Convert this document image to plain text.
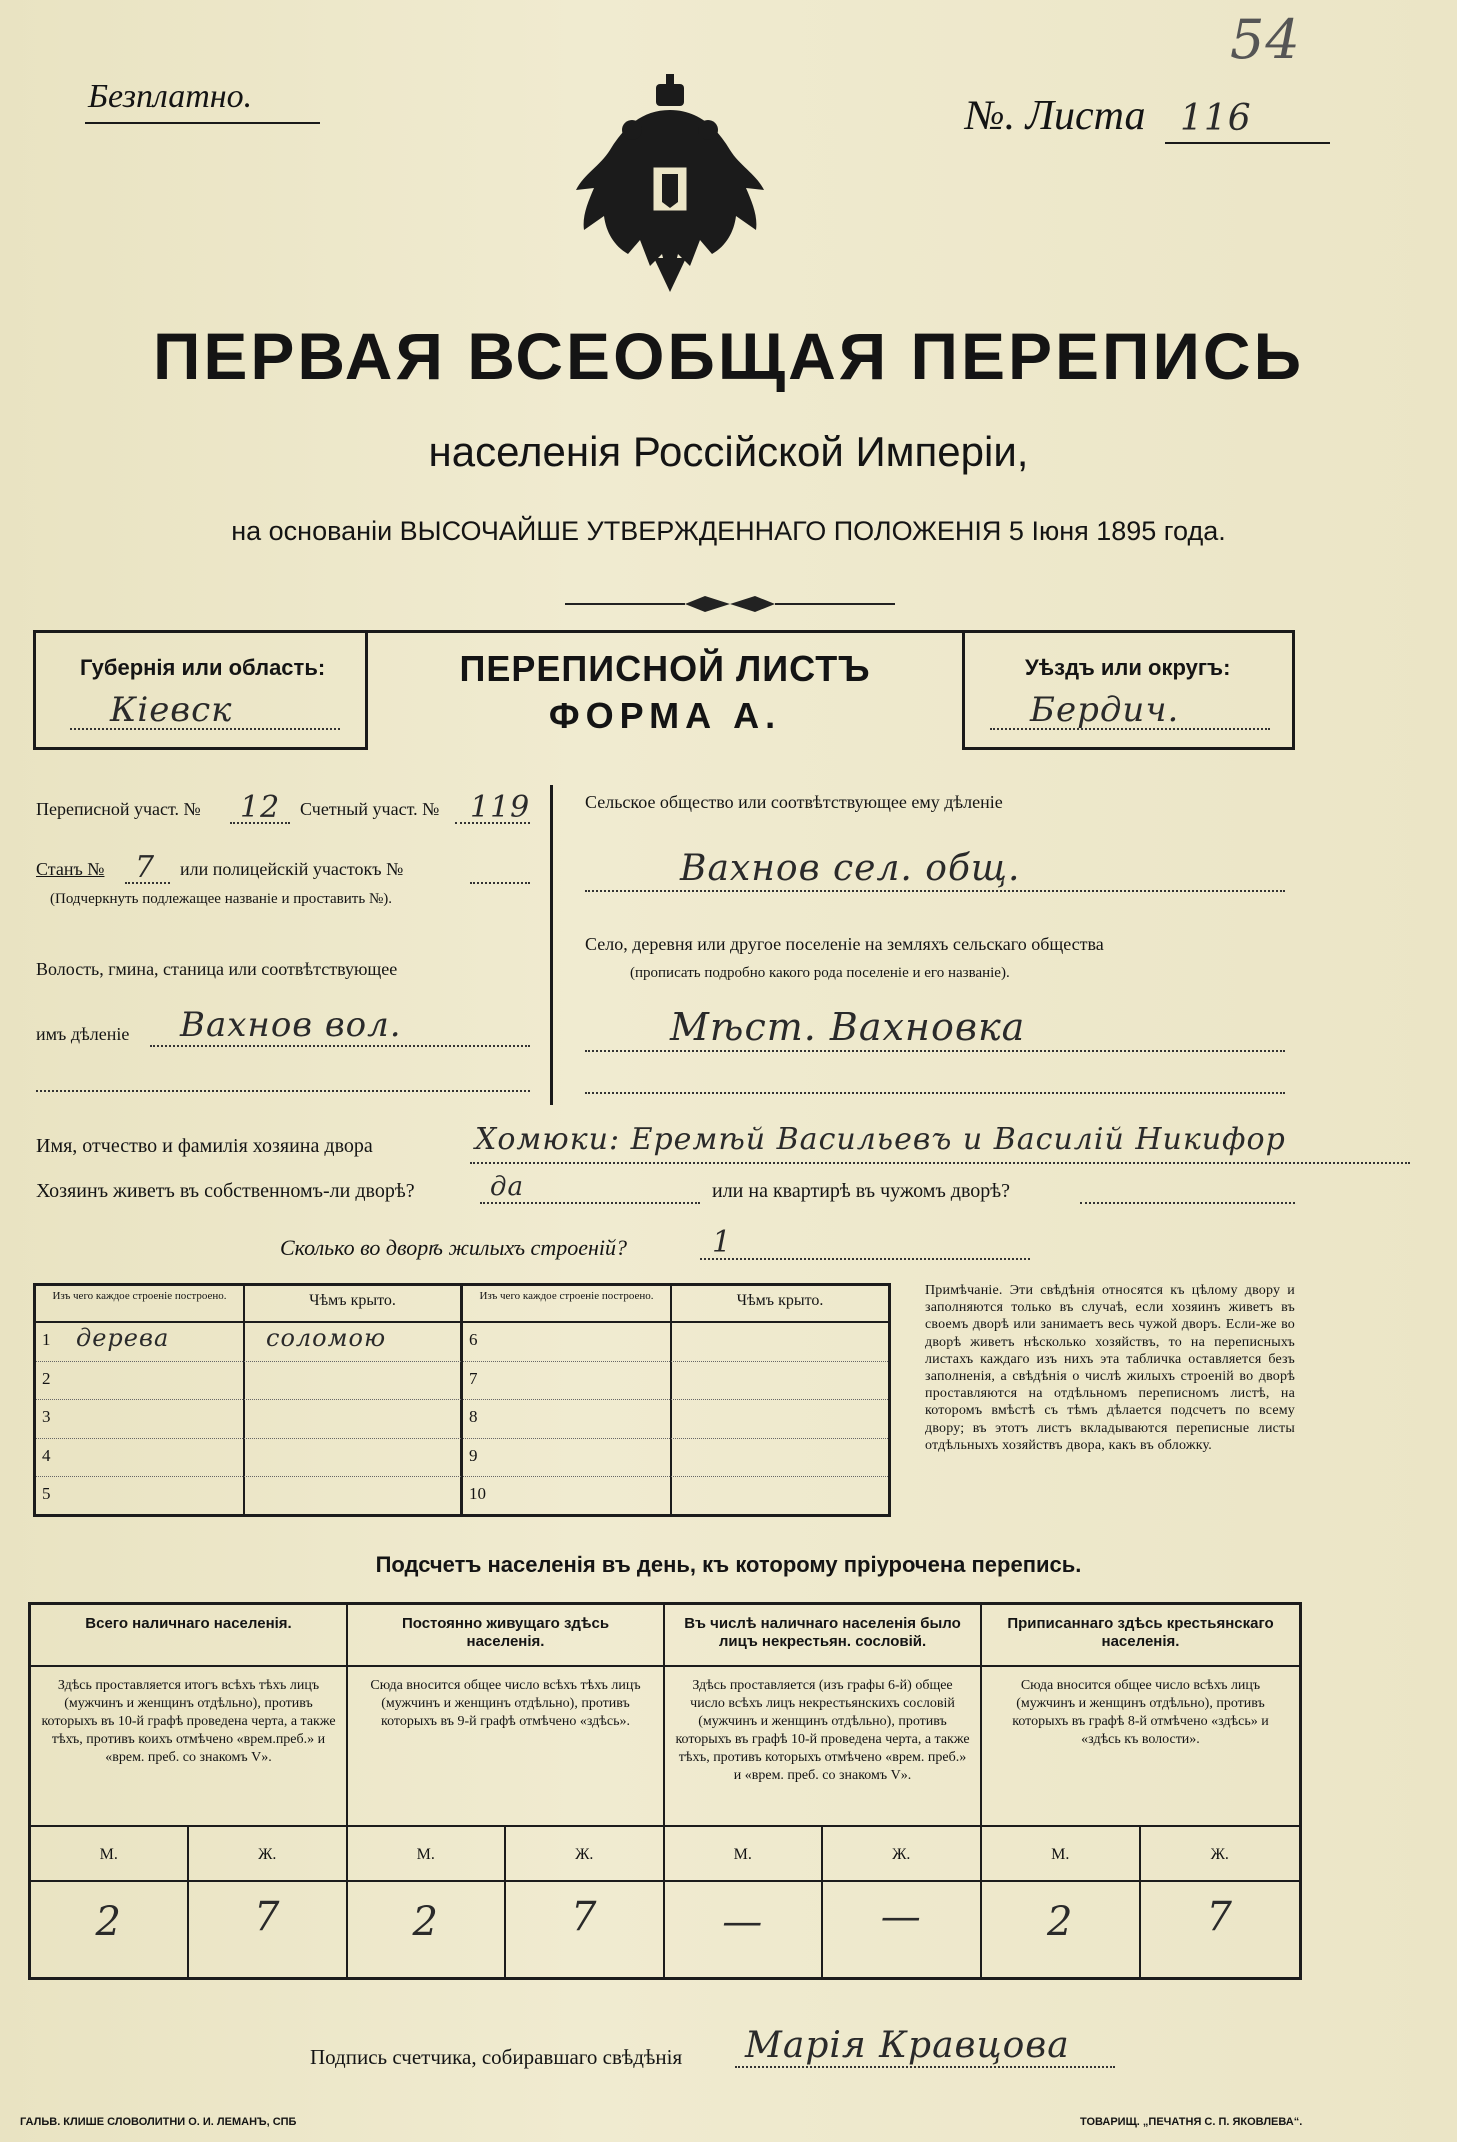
54
Безплатно.	№. Листа 116
ПЕРВАЯ ВСЕОБЩАЯ ПЕРЕПИСЬ
населенія Россійской Имперіи,
на основаніи ВЫСОЧАЙШЕ УТВЕРЖДЕННАГО ПОЛОЖЕНІЯ 5 Іюня 1895 года.
Губернія или область:
Кіевск
ПЕРЕПИСНОЙ ЛИСТЪ
ФОРМА А.
Уѣздъ или округъ:
Бердич.
Переписной участ. № 12 Счетный участ. № 119
Станъ № 7 или полицейскій участокъ №
(Подчеркнуть подлежащее названіе и проставить №).
Волость, гмина, станица или соотвѣтствующее
имъ дѣленіе Вахнов вол.
Сельское общество или соотвѣтствующее ему дѣленіе
Вахнов сел. общ.
Село, деревня или другое поселеніе на земляхъ сельскаго общества
(прописать подробно какого рода поселеніе и его названіе).
Мѣст. Вахновка
Имя, отчество и фамилія хозяина двора	Хомюки: Еремѣй Васильевъ и Василій Никифор
Хозяинъ живетъ въ собственномъ-ли дворѣ?	да	или на квартирѣ въ чужомъ дворѣ?
Сколько во дворѣ жилыхъ строеній?	1
Изъ чего каждое строеніе построено.	Чѣмъ крыто.
1 дерева	соломою
2
3
4
5
Изъ чего каждое строеніе построено.	Чѣмъ крыто.
6
7
8
9
10
Примѣчаніе. Эти свѣдѣнія относятся къ цѣлому двору и заполняются только въ случаѣ, если хозяинъ живетъ въ своемъ дворѣ или занимаетъ весь чужой дворъ. Если-же во дворѣ живетъ нѣсколько хозяйствъ, то на переписныхъ листахъ каждаго изъ нихъ эта табличка оставляется безъ заполненія, а свѣдѣнія о числѣ жилыхъ строеній во дворѣ проставляются на отдѣльномъ переписномъ листѣ, на которомъ вмѣстѣ съ тѣмъ дѣлается подсчетъ по всему двору; въ этотъ листъ вкладываются переписные листы отдѣльныхъ хозяйствъ двора, какъ въ обложку.
Подсчетъ населенія въ день, къ которому пріурочена перепись.
Всего наличнаго населенія.
Здѣсь проставляется итогъ всѣхъ тѣхъ лицъ (мужчинъ и женщинъ отдѣльно), противъ которыхъ въ 10-й графѣ проведена черта, а также тѣхъ, противъ коихъ отмѣчено «врем.преб.» и «врем. преб. со знакомъ V».
М.	Ж.
2	7
Постоянно живущаго здѣсь населенія.
Сюда вносится общее число всѣхъ тѣхъ лицъ (мужчинъ и женщинъ отдѣльно), противъ которыхъ въ 9-й графѣ отмѣчено «здѣсь».
М.	Ж.
2	7
Въ числѣ наличнаго населенія было лицъ некрестьян. сословій.
Здѣсь проставляется (изъ графы 6-й) общее число всѣхъ лицъ некрестьянскихъ сословій (мужчинъ и женщинъ отдѣльно), противъ которыхъ въ графѣ 10-й проведена черта, а также тѣхъ, противъ которыхъ отмѣчено «врем. преб.» и «врем. преб. со знакомъ V».
М.	Ж.
—	—
Приписаннаго здѣсь крестьянскаго населенія.
Сюда вносится общее число всѣхъ лицъ (мужчинъ и женщинъ отдѣльно), противъ которыхъ въ графѣ 8-й отмѣчено «здѣсь» и «здѣсь къ волости».
М.	Ж.
2	7
Подпись счетчика, собиравшаго свѣдѣнія Марія Кравцова
ГАЛЬВ. КЛИШЕ СЛОВОЛИТНИ О. И. ЛЕМАНЪ, СПБ	ТОВАРИЩ. „ПЕЧАТНЯ С. П. ЯКОВЛЕВА“.
